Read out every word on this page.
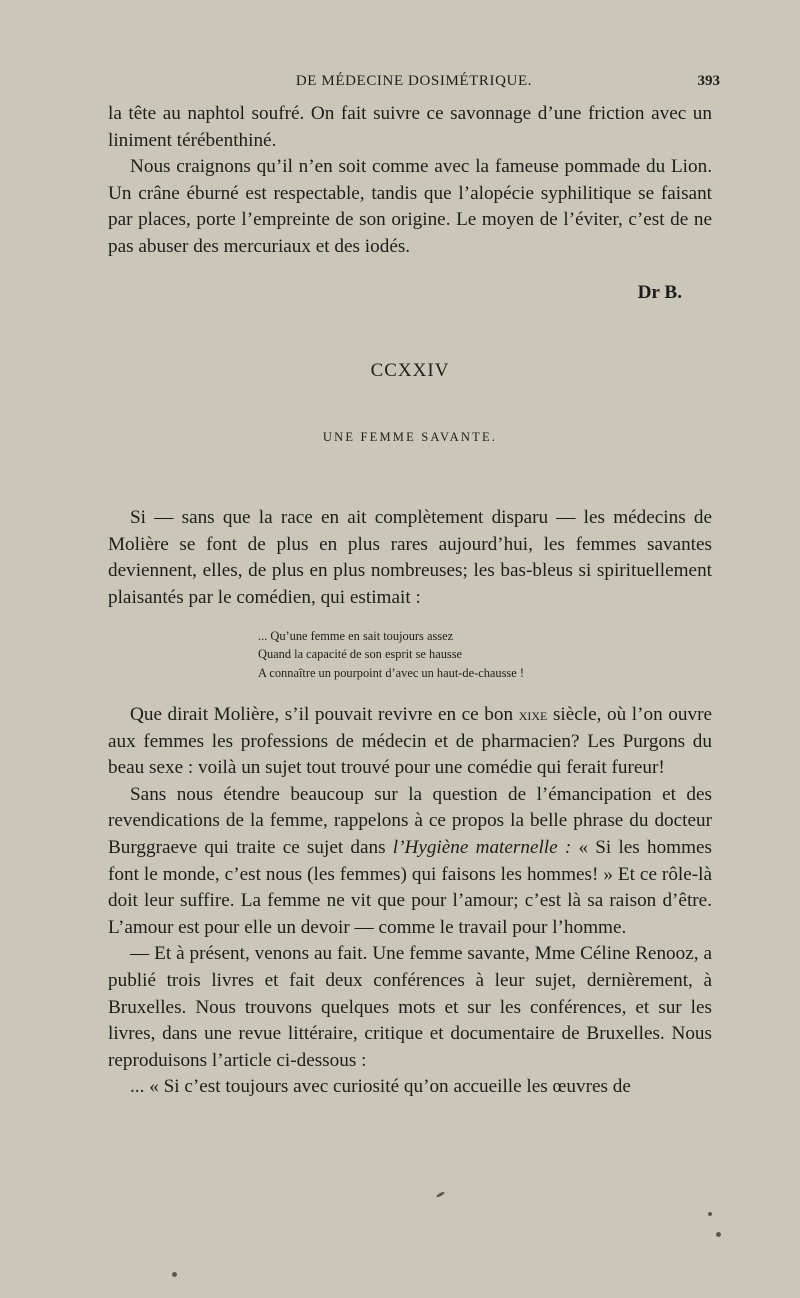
DE MÉDECINE DOSIMÉTRIQUE.	393

la tête au naphtol soufré. On fait suivre ce savonnage d’une friction avec un liniment térébenthiné.

Nous craignons qu’il n’en soit comme avec la fameuse pommade du Lion. Un crâne éburné est respectable, tandis que l’alopécie syphilitique se faisant par places, porte l’empreinte de son origine. Le moyen de l’éviter, c’est de ne pas abuser des mercuriaux et des iodés.

Dr B.

CCXXIV
UNE FEMME SAVANTE.

Si — sans que la race en ait complètement disparu — les médecins de Molière se font de plus en plus rares aujourd’hui, les femmes savantes deviennent, elles, de plus en plus nombreuses; les bas-bleus si spirituellement plaisantés par le comédien, qui estimait :

... Qu’une femme en sait toujours assez
Quand la capacité de son esprit se hausse
A connaître un pourpoint d’avec un haut-de-chausse !

Que dirait Molière, s’il pouvait revivre en ce bon xixe siècle, où l’on ouvre aux femmes les professions de médecin et de pharmacien? Les Purgons du beau sexe : voilà un sujet tout trouvé pour une comédie qui ferait fureur!

Sans nous étendre beaucoup sur la question de l’émancipation et des revendications de la femme, rappelons à ce propos la belle phrase du docteur Burggraeve qui traite ce sujet dans l’Hygiène maternelle : « Si les hommes font le monde, c’est nous (les femmes) qui faisons les hommes! » Et ce rôle-là doit leur suffire. La femme ne vit que pour l’amour; c’est là sa raison d’être. L’amour est pour elle un devoir — comme le travail pour l’homme.

— Et à présent, venons au fait. Une femme savante, Mme Céline Renooz, a publié trois livres et fait deux conférences à leur sujet, dernièrement, à Bruxelles. Nous trouvons quelques mots et sur les conférences, et sur les livres, dans une revue littéraire, critique et documentaire de Bruxelles. Nous reproduisons l’article ci-dessous :

... « Si c’est toujours avec curiosité qu’on accueille les œuvres de
